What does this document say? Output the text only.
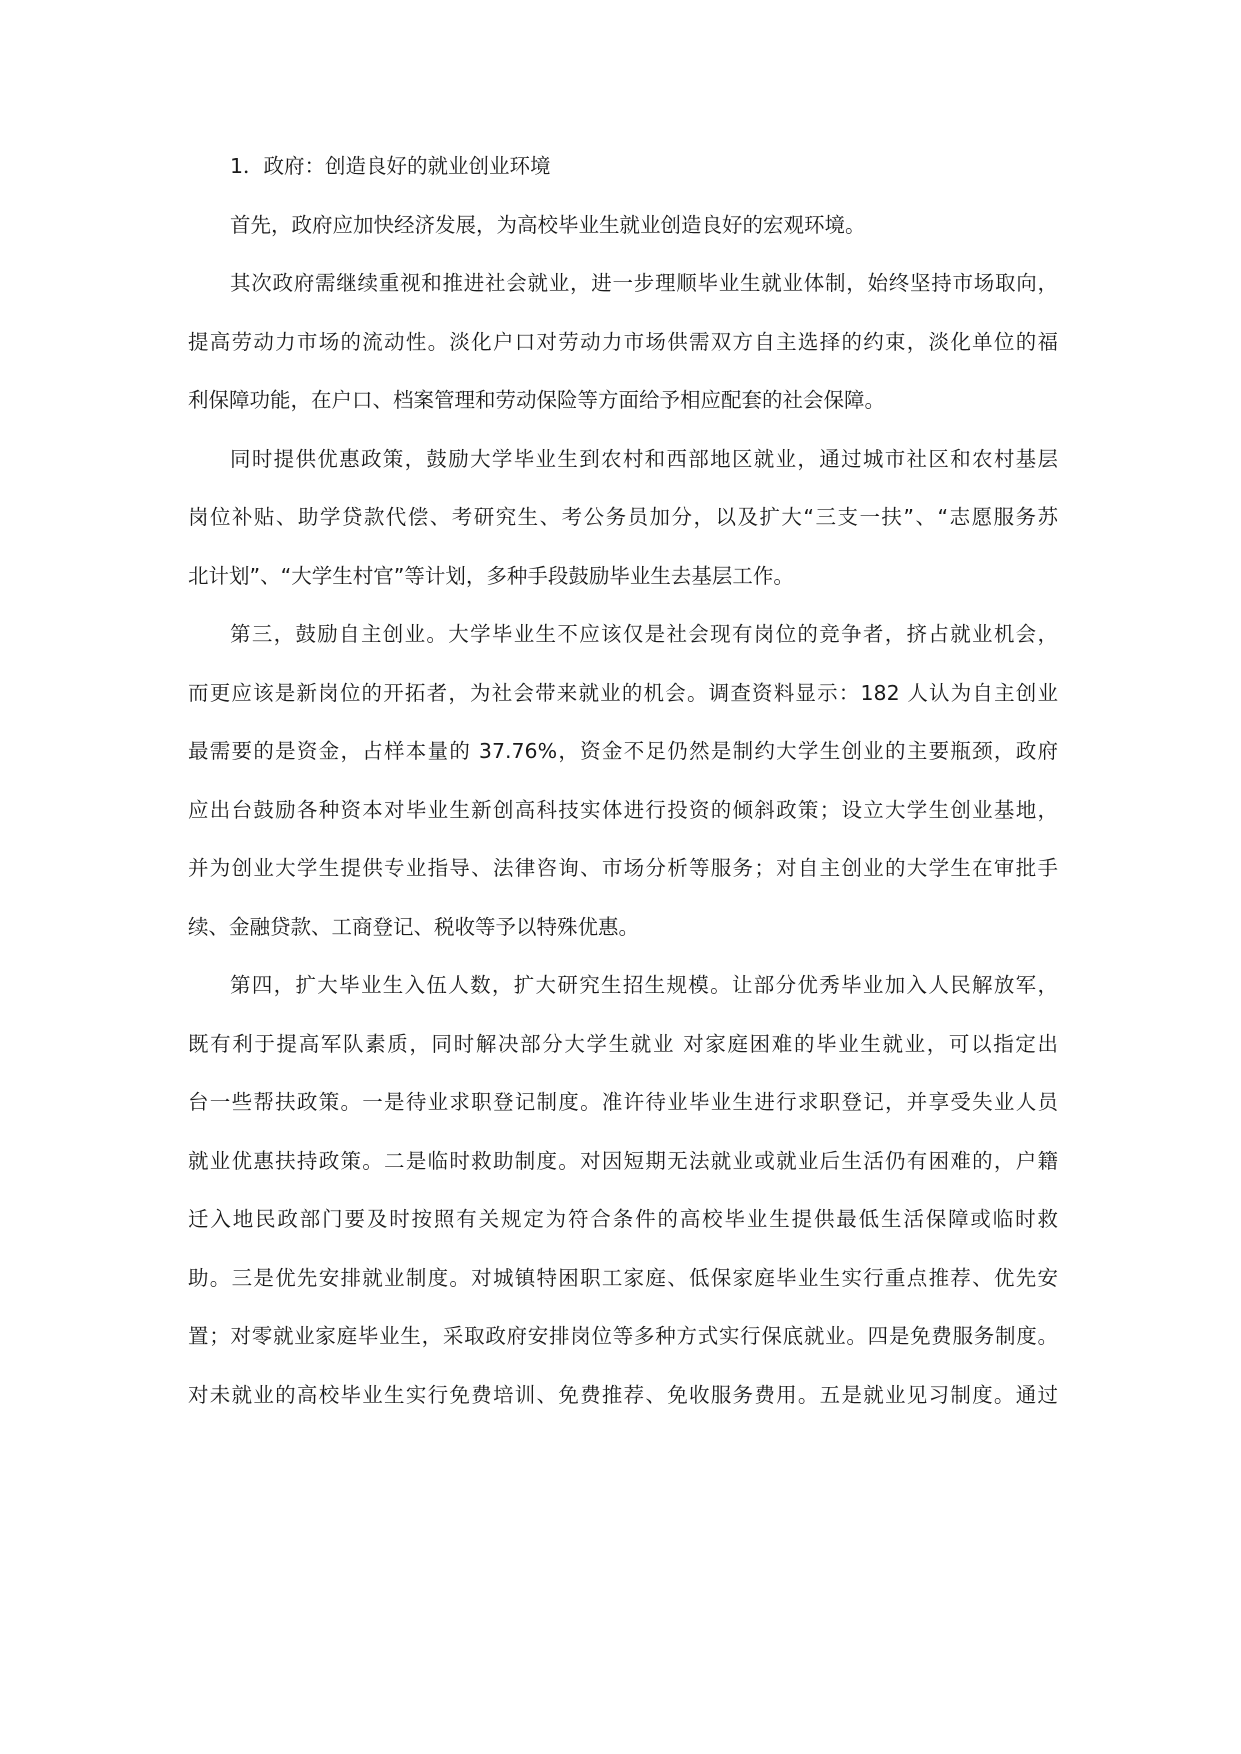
1．政府：创造良好的就业创业环境
首先，政府应加快经济发展，为高校毕业生就业创造良好的宏观环境。
其次政府需继续重视和推进社会就业，进一步理顺毕业生就业体制，始终坚持市场取向，
提高劳动力市场的流动性。淡化户口对劳动力市场供需双方自主选择的约束，淡化单位的福
利保障功能，在户口、档案管理和劳动保险等方面给予相应配套的社会保障。
同时提供优惠政策，鼓励大学毕业生到农村和西部地区就业，通过城市社区和农村基层
岗位补贴、助学贷款代偿、考研究生、考公务员加分，以及扩大“三支一扶”、“志愿服务苏
北计划”、“大学生村官”等计划，多种手段鼓励毕业生去基层工作。
第三，鼓励自主创业。大学毕业生不应该仅是社会现有岗位的竞争者，挤占就业机会，
而更应该是新岗位的开拓者，为社会带来就业的机会。调查资料显示：182 人认为自主创业
最需要的是资金，占样本量的 37.76%，资金不足仍然是制约大学生创业的主要瓶颈，政府
应出台鼓励各种资本对毕业生新创高科技实体进行投资的倾斜政策；设立大学生创业基地，
并为创业大学生提供专业指导、法律咨询、市场分析等服务；对自主创业的大学生在审批手
续、金融贷款、工商登记、税收等予以特殊优惠。
第四，扩大毕业生入伍人数，扩大研究生招生规模。让部分优秀毕业加入人民解放军，
既有利于提高军队素质，同时解决部分大学生就业 对家庭困难的毕业生就业，可以指定出
台一些帮扶政策。一是待业求职登记制度。准许待业毕业生进行求职登记，并享受失业人员
就业优惠扶持政策。二是临时救助制度。对因短期无法就业或就业后生活仍有困难的，户籍
迁入地民政部门要及时按照有关规定为符合条件的高校毕业生提供最低生活保障或临时救
助。三是优先安排就业制度。对城镇特困职工家庭、低保家庭毕业生实行重点推荐、优先安
置；对零就业家庭毕业生，采取政府安排岗位等多种方式实行保底就业。四是免费服务制度。
对未就业的高校毕业生实行免费培训、免费推荐、免收服务费用。五是就业见习制度。通过
